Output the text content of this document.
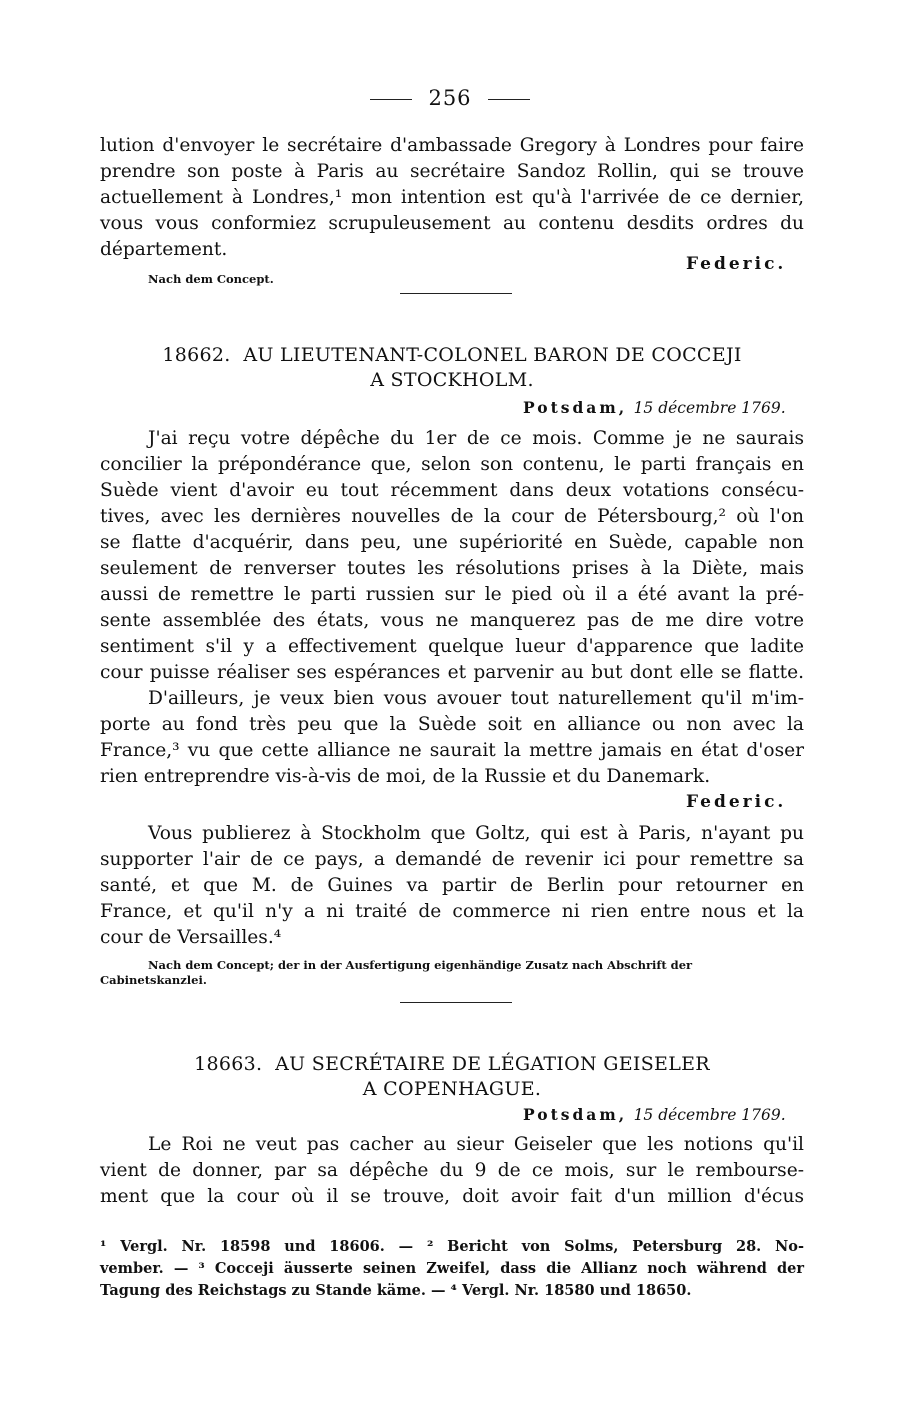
256
lution d'envoyer le secrétaire d'ambassade Gregory à Londres pour faire
prendre son poste à Paris au secrétaire Sandoz Rollin, qui se trouve
actuellement à Londres,¹ mon intention est qu'à l'arrivée de ce dernier,
vous vous conformiez scrupuleusement au contenu desdits ordres du
département.
Federic.
Nach dem Concept.
18662. AU LIEUTENANT-COLONEL BARON DE COCCEJI
A STOCKHOLM.
Potsdam, 15 décembre 1769.
J'ai reçu votre dépêche du 1er de ce mois. Comme je ne saurais
concilier la prépondérance que, selon son contenu, le parti français en
Suède vient d'avoir eu tout récemment dans deux votations consécu-
tives, avec les dernières nouvelles de la cour de Pétersbourg,² où l'on
se flatte d'acquérir, dans peu, une supériorité en Suède, capable non
seulement de renverser toutes les résolutions prises à la Diète, mais
aussi de remettre le parti russien sur le pied où il a été avant la pré-
sente assemblée des états, vous ne manquerez pas de me dire votre
sentiment s'il y a effectivement quelque lueur d'apparence que ladite
cour puisse réaliser ses espérances et parvenir au but dont elle se flatte.
D'ailleurs, je veux bien vous avouer tout naturellement qu'il m'im-
porte au fond très peu que la Suède soit en alliance ou non avec la
France,³ vu que cette alliance ne saurait la mettre jamais en état d'oser
rien entreprendre vis-à-vis de moi, de la Russie et du Danemark.
Federic.
Vous publierez à Stockholm que Goltz, qui est à Paris, n'ayant pu
supporter l'air de ce pays, a demandé de revenir ici pour remettre sa
santé, et que M. de Guines va partir de Berlin pour retourner en
France, et qu'il n'y a ni traité de commerce ni rien entre nous et la
cour de Versailles.⁴
Nach dem Concept; der in der Ausfertigung eigenhändige Zusatz nach Abschrift der
Cabinetskanzlei.
18663. AU SECRÉTAIRE DE LÉGATION GEISELER
A COPENHAGUE.
Potsdam, 15 décembre 1769.
Le Roi ne veut pas cacher au sieur Geiseler que les notions qu'il
vient de donner, par sa dépêche du 9 de ce mois, sur le rembourse-
ment que la cour où il se trouve, doit avoir fait d'un million d'écus
¹ Vergl. Nr. 18598 und 18606. — ² Bericht von Solms, Petersburg 28. No-
vember. — ³ Cocceji äusserte seinen Zweifel, dass die Allianz noch während der
Tagung des Reichstags zu Stande käme. — ⁴ Vergl. Nr. 18580 und 18650.
